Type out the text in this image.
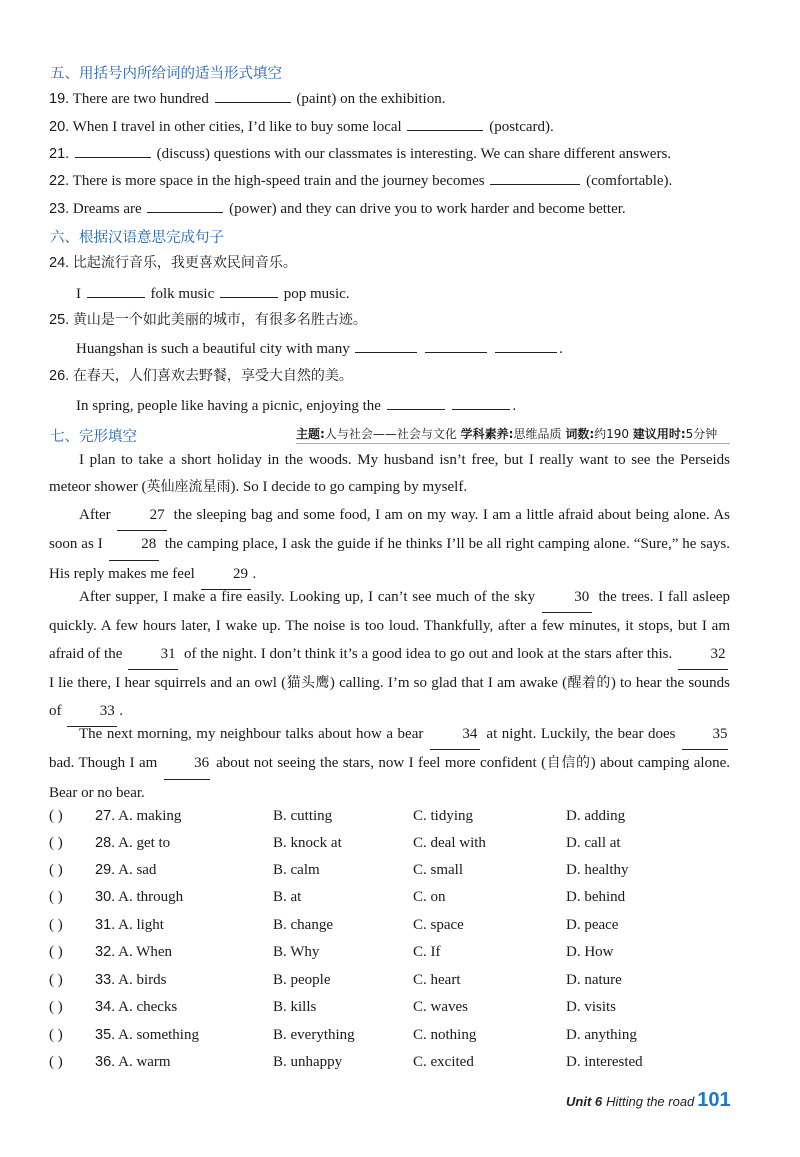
五、用括号内所给词的适当形式填空
19. There are two hundred	(paint) on the exhibition.
20. When I travel in other cities, I’d like to buy some local	(postcard).
21.	(discuss) questions with our classmates is interesting. We can share different answers.
22. There is more space in the high-speed train and the journey becomes	(comfortable).
23. Dreams are	(power) and they can drive you to work harder and become better.
六、根据汉语意思完成句子
24. 比起流行音乐，我更喜欢民间音乐。
I	folk music	pop music.
25. 黄山是一个如此美丽的城市，有很多名胜古迹。
Huangshan is such a beautiful city with many	.
26. 在春天，人们喜欢去野餐，享受大自然的美。
In spring, people like having a picnic, enjoying the	.
七、完形填空	主题:人与社会——社会与文化 学科素养:思维品质 词数:约190 建议用时:5分钟
I plan to take a short holiday in the woods. My husband isn’t free, but I really want to see the Perseids meteor shower (英仙座流星雨). So I decide to go camping by myself.
After	27 the sleeping bag and some food, I am on my way. I am a little afraid about being alone. As soon as I	28 the camping place, I ask the guide if he thinks I’ll be all right camping alone. “Sure,” he says. His reply makes me feel	29 .
After supper, I make a fire easily. Looking up, I can’t see much of the sky	30 the trees. I fall asleep quickly. A few hours later, I wake up. The noise is too loud. Thankfully, after a few minutes, it stops, but I am afraid of the	31 of the night. I don’t think it’s a good idea to go out and look at the stars after this.	32 I lie there, I hear squirrels and an owl (猫头鹰) calling. I’m so glad that I am awake (醒着的) to hear the sounds of	33 .
The next morning, my neighbour talks about how a bear	34 at night. Luckily, the bear does 35 bad. Though I am 36 about not seeing the stars, now I feel more confident (自信的) about camping alone. Bear or no bear.
( ) 27. A. making	B. cutting	C. tidying	D. adding
( ) 28. A. get to	B. knock at	C. deal with	D. call at
( ) 29. A. sad	B. calm	C. small	D. healthy
( ) 30. A. through	B. at	C. on	D. behind
( ) 31. A. light	B. change	C. space	D. peace
( ) 32. A. When	B. Why	C. If	D. How
( ) 33. A. birds	B. people	C. heart	D. nature
( ) 34. A. checks	B. kills	C. waves	D. visits
( ) 35. A. something	B. everything	C. nothing	D. anything
( ) 36. A. warm	B. unhappy	C. excited	D. interested
Unit 6 Hitting the road 101
